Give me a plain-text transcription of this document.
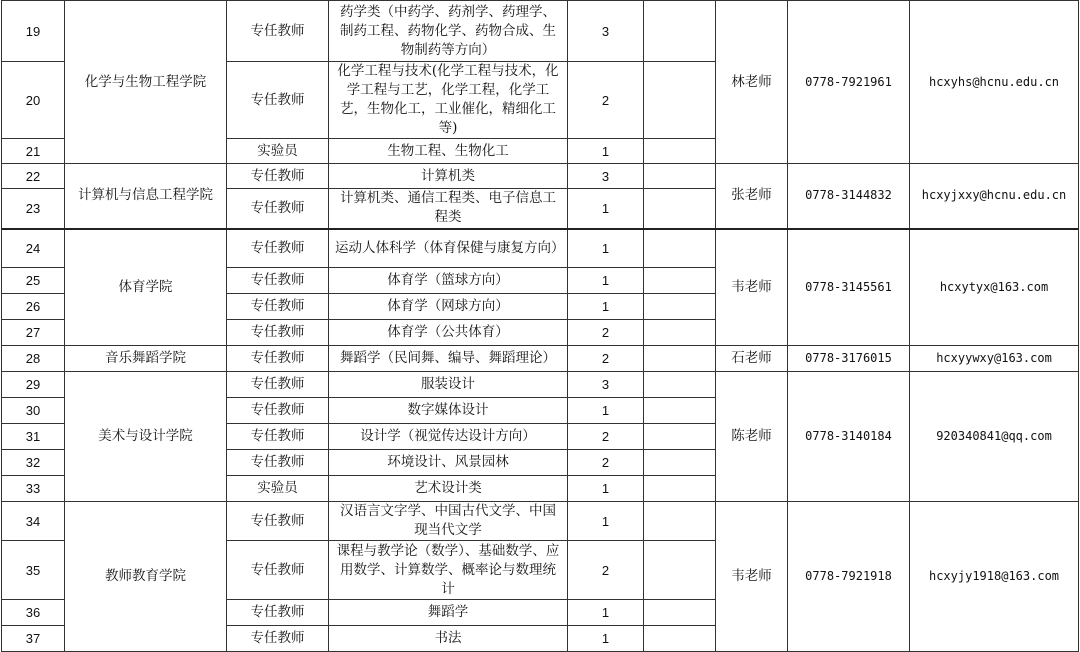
19	化学与生物工程学院	专任教师	药学类（中药学、药剂学、药理学、制药工程、药物化学、药物合成、生物制药等方向）	3		林老师	0778-7921961	hcxyhs@hcnu.edu.cn
20		专任教师	化学工程与技术(化学工程与技术，化学工程与工艺，化学工程，化学工艺，生物化工，工业催化，精细化工等)	2				
21		实验员	生物工程、生物化工	1				
22	计算机与信息工程学院	专任教师	计算机类	3		张老师	0778-3144832	hcxyjxxy@hcnu.edu.cn
23		专任教师	计算机类、通信工程类、电子信息工程类	1				
24	体育学院	专任教师	运动人体科学（体育保健与康复方向）	1		韦老师	0778-3145561	hcxytyx@163.com
25		专任教师	体育学（篮球方向）	1				
26		专任教师	体育学（网球方向）	1				
27		专任教师	体育学（公共体育）	2				
28	音乐舞蹈学院	专任教师	舞蹈学（民间舞、编导、舞蹈理论）	2		石老师	0778-3176015	hcxyywxy@163.com
29	美术与设计学院	专任教师	服装设计	3		陈老师	0778-3140184	920340841@qq.com
30		专任教师	数字媒体设计	1				
31		专任教师	设计学（视觉传达设计方向）	2				
32		专任教师	环境设计、风景园林	2				
33		实验员	艺术设计类	1				
34	教师教育学院	专任教师	汉语言文字学、中国古代文学、中国现当代文学	1		韦老师	0778-7921918	hcxyjy1918@163.com
35		专任教师	课程与教学论（数学）、基础数学、应用数学、计算数学、概率论与数理统计	2				
36		专任教师	舞蹈学	1				
37		专任教师	书法	1				
